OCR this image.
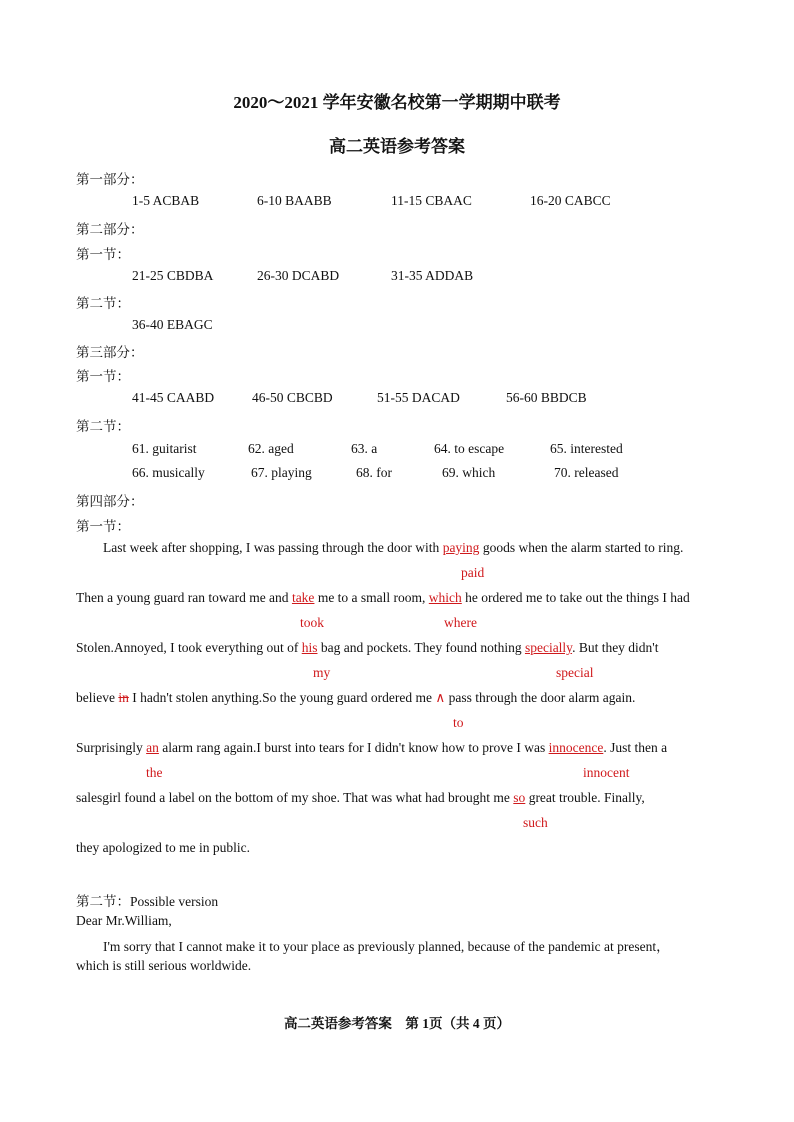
2020～2021 学年安徽名校第一学期期中联考
高二英语参考答案
第一部分：
1-5 ACBAB	6-10 BAABB	11-15 CBAAC	16-20 CABCC
第二部分：
第一节：
21-25 CBDBA	26-30 DCABD	31-35 ADDAB
第二节：
36-40 EBAGC
第三部分：
第一节：
41-45 CAABD	46-50 CBCBD	51-55 DACAD	56-60 BBDCB
第二节：
61. guitarist	62. aged	63. a	64. to escape	65. interested
66. musically	67. playing	68. for	69. which	70. released
第四部分：
第一节：
Last week after shopping, I was passing through the door with paying goods when the alarm started to ring.
paid
Then a young guard ran toward me and take me to a small room, which he ordered me to take out the things I had
took	where
Stolen.Annoyed, I took everything out of his bag and pockets. They found nothing specially. But they didn't
my	special
believe in I hadn't stolen anything.So the young guard ordered me ∧ pass through the door alarm again.
to
Surprisingly an alarm rang again.I burst into tears for I didn't know how to prove I was innocence. Just then a
the	innocent
salesgirl found a label on the bottom of my shoe. That was what had brought me so great trouble. Finally,
such
they apologized to me in public.
第二节：Possible version
Dear Mr.William,
I'm sorry that I cannot make it to your place as previously planned, because of the pandemic at present，
which is still serious worldwide.
高二英语参考答案　第 1页（共 4 页）
